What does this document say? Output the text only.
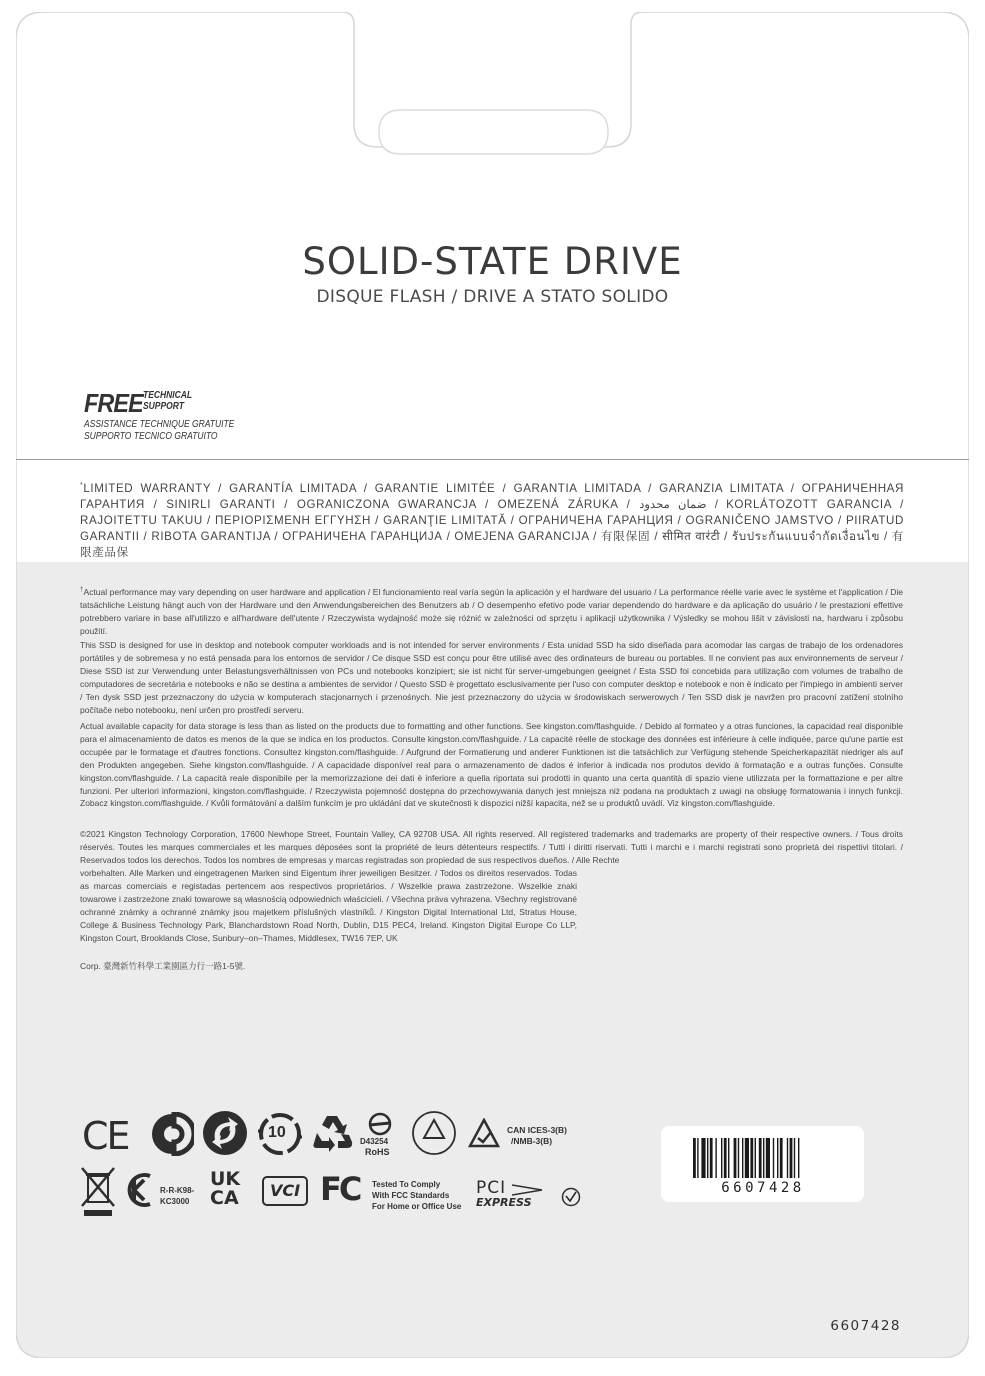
SOLID-STATE DRIVE
DISQUE FLASH / DRIVE A STATO SOLIDO
FREETECHNICAL
SUPPORT
ASSISTANCE TECHNIQUE GRATUITE
SUPPORTO TECNICO GRATUITO
*LIMITED WARRANTY / GARANTÍA LIMITADA / GARANTIE LIMITÉE / GARANTIA LIMITADA / GARANZIA LIMITATA / ОГРАНИЧЕННАЯ ГАРАНТИЯ / SINIRLI GARANTI / OGRANICZONA GWARANCJA / OMEZENÁ ZÁRUKA / ضمان محدود / KORLÁTOZOTT GARANCIA / RAJOITETTU TAKUU / ΠΕΡΙΟΡΙΣΜΕΝΗ ΕΓΓΥΗΣΗ / GARANŢIE LIMITATĂ / ОГРАНИЧЕНА ГАРАНЦИЯ / OGRANIČENO JAMSTVO / PIIRATUD GARANTII / RIBOTA GARANTIJA / ОГРАНИЧЕНА ГАРАНЦИЈА / OMEJENA GARANCIJA / 有限保固 / सीमित वारंटी / รับประกันแบบจำกัดเงื่อนไข / 有限產品保
†Actual performance may vary depending on user hardware and application / El funcionamiento real varía según la aplicación y el hardware del usuario / La performance réelle varie avec le système et l'application / Die tatsächliche Leistung hängt auch von der Hardware und den Anwendungsbereichen des Benutzers ab / O desempenho efetivo pode variar dependendo do hardware e da aplicação do usuário / le prestazioni effettive potrebbero variare in base all'utilizzo e all'hardware dell'utente / Rzeczywista wydajność może się różnić w zależności od sprzętu i aplikacji użytkownika / Výsledky se mohou lišit v závislosti na, hardwaru i způsobu použití.
This SSD is designed for use in desktop and notebook computer workloads and is not intended for server environments / Esta unidad SSD ha sido diseñada para acomodar las cargas de trabajo de los ordenadores portátiles y de sobremesa y no está pensada para los entornos de servidor / Ce disque SSD est conçu pour être utilisé avec des ordinateurs de bureau ou portables. Il ne convient pas aux environnements de serveur / Diese SSD ist zur Verwendung unter Belastungsverhältnissen von PCs und notebooks konzipiert; sie ist nicht für server-umgebungen geeignet / Esta SSD foi concebida para utilização com volumes de trabalho de computadores de secretária e notebooks e não se destina a ambientes de servidor / Questo SSD è progettato esclusivamente per l'uso con computer desktop e notebook e non è indicato per l'impiego in ambienti server / Ten dysk SSD jest przeznaczony do użycia w komputerach stacjonarnych i przenośnych. Nie jest przeznaczony do użycia w środowiskach serwerowych / Ten SSD disk je navržen pro pracovní zatížení stolního počítače nebo notebooku, není určen pro prostředí serveru.
Actual available capacity for data storage is less than as listed on the products due to formatting and other functions. See kingston.com/flashguide. / Debido al formateo y a otras funciones, la capacidad real disponible para el almacenamiento de datos es menos de la que se indica en los productos. Consulte kingston.com/flashguide. / La capacité réelle de stockage des données est inférieure à celle indiquée, parce qu'une partie est occupée par le formatage et d'autres fonctions. Consultez kingston.com/flashguide. / Aufgrund der Formatierung und anderer Funktionen ist die tatsächlich zur Verfügung stehende Speicherkapazität niedriger als auf den Produkten angegeben. Siehe kingston.com/flashguide. / A capacidade disponível real para o armazenamento de dados é inferior à indicada nos produtos devido à formatação e a outras funções. Consulte kingston.com/flashguide. / La capacità reale disponibile per la memorizzazione dei dati è inferiore a quella riportata sui prodotti in quanto una certa quantità di spazio viene utilizzata per la formattazione e per altre funzioni. Per ulteriori informazioni, kingston.com/flashguide. / Rzeczywista pojemność dostępna do przechowywania danych jest mniejsza niż podana na produktach z uwagi na obsługę formatowania i innych funkcji. Zobacz kingston.com/flashguide. / Kvůli formátování a dalším funkcím je pro ukládání dat ve skutečnosti k dispozici nižší kapacita, než se u produktů uvádí. Viz kingston.com/flashguide.
©2021 Kingston Technology Corporation, 17600 Newhope Street, Fountain Valley, CA 92708 USA. All rights reserved. All registered trademarks and trademarks are property of their respective owners. / Tous droits réservés. Toutes les marques commerciales et les marques déposées sont la propriété de leurs détenteurs respectifs. / Tutti i diritti riservati. Tutti i marchi e i marchi registrati sono proprietà dei rispettivi titolari. / Reservados todos los derechos. Todos los nombres de empresas y marcas registradas son propiedad de sus respectivos dueños. / Alle Rechte
vorbehalten. Alle Marken und eingetragenen Marken sind Eigentum ihrer jeweiligen Besitzer. / Todos os direitos reservados. Todas as marcas comerciais e registadas pertencem aos respectivos proprietários. / Wszelkie prawa zastrzeżone. Wszelkie znaki towarowe i zastrzeżone znaki towarowe są własnością odpowiednich właścicieli. / Všechna práva vyhrazena. Všechny registrované ochranné známky a ochranné známky jsou majetkem příslušných vlastníků. / Kingston Digital International Ltd, Stratus House, College & Business Technology Park, Blanchardstown Road North, Dublin, D15 PEC4, Ireland. Kingston Digital Europe Co LLP, Kingston Court, Brooklands Close, Sunbury–on–Thames, Middlesex, TW16 7EP, UK
Corp. 臺灣新竹科學工業園區力行一路1-5號.
CE	10
D43254
RoHS
.
CAN ICES-3(B)
/NMB-3(B)
R-R-K98-
KC3000
UK
CA	VCI FC Tested To Comply
With FCC Standards
For Home or Office Use
PCI
EXPRESS
6607428
6607428
